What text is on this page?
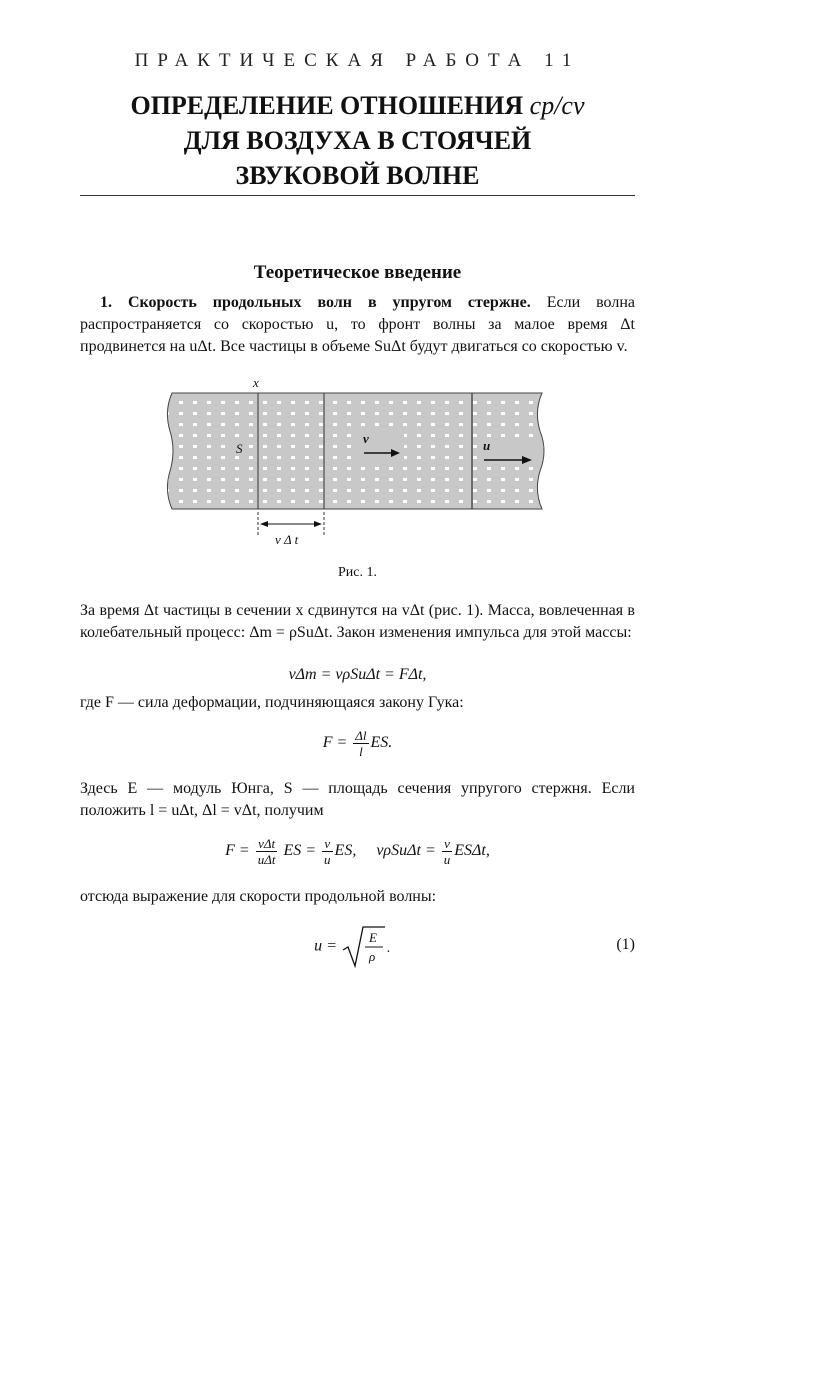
ПРАКТИЧЕСКАЯ РАБОТА 11
ОПРЕДЕЛЕНИЕ ОТНОШЕНИЯ cp/cv
ДЛЯ ВОЗДУХА В СТОЯЧЕЙ
ЗВУКОВОЙ ВОЛНЕ
Теоретическое введение

1. Скорость продольных волн в упругом стержне. Если волна распространяется со скоростью u, то фронт волны за малое время Δt продвинется на uΔt. Все частицы в объеме SuΔt будут двигаться со скоростью v.

x
S
v	u
v Δ t
Рис. 1.

За время Δt частицы в сечении x сдвинутся на vΔt (рис. 1). Масса, вовлеченная в колебательный процесс: Δm = ρSuΔt. Закон изменения импульса для этой массы:

vΔm = vρSuΔt = FΔt,

где F — сила деформации, подчиняющаяся закону Гука:

$F = \frac{\Delta l}{l}$ ES.

Здесь E — модуль Юнга, S — площадь сечения упругого стержня. Если положить l = uΔt, Δl = vΔt, получим

$F = \frac{\text{vΔt}}{\text{uΔt}}$ ES = $\frac{v}{u}$ ES,     $v\rho Su\Delta t = \frac{v}{u} ES\Delta t$,

отсюда выражение для скорости продольной волны:

u =
E
ρ
.	(1)
